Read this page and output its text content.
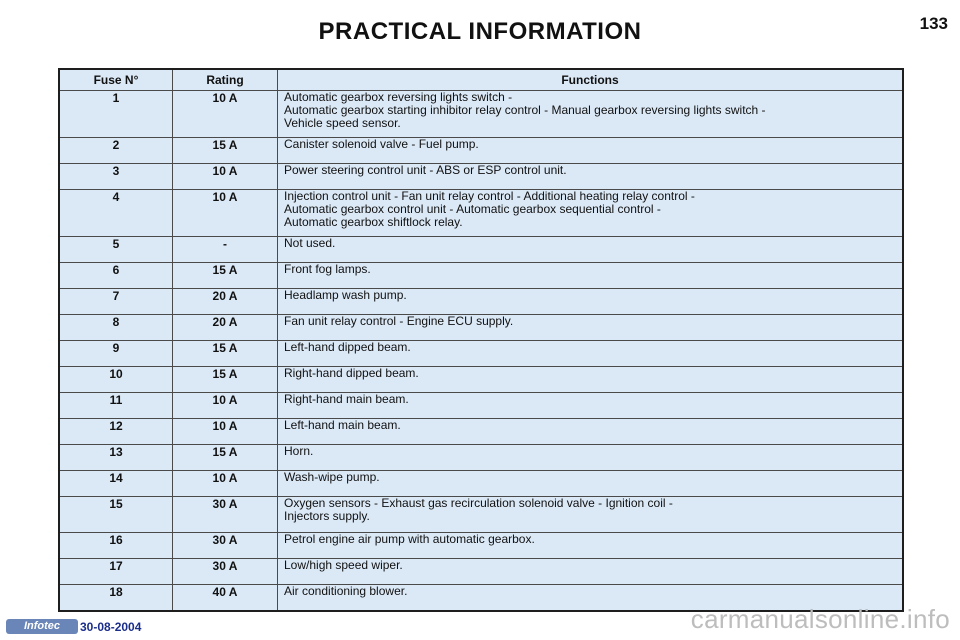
PRACTICAL INFORMATION	133
Fuse N°	Rating	Functions
1	10 A	Automatic gearbox reversing lights switch -
Automatic gearbox starting inhibitor relay control - Manual gearbox reversing lights switch -
Vehicle speed sensor.

2	15 A	Canister solenoid valve - Fuel pump.

3	10 A	Power steering control unit - ABS or ESP control unit.

4	10 A	Injection control unit - Fan unit relay control - Additional heating relay control -
Automatic gearbox control unit - Automatic gearbox sequential control -
Automatic gearbox shiftlock relay.

5	-	Not used.

6	15 A	Front fog lamps.

7	20 A	Headlamp wash pump.

8	20 A	Fan unit relay control - Engine ECU supply.

9	15 A	Left-hand dipped beam.

10	15 A	Right-hand dipped beam.

11	10 A	Right-hand main beam.

12	10 A	Left-hand main beam.

13	15 A	Horn.

14	10 A	Wash-wipe pump.

15	30 A	Oxygen sensors - Exhaust gas recirculation solenoid valve - Ignition coil -
Injectors supply.

16	30 A	Petrol engine air pump with automatic gearbox.

17	30 A	Low/high speed wiper.

18	40 A	Air conditioning blower.
Infotec	30-08-2004	carmanualsonline.info
